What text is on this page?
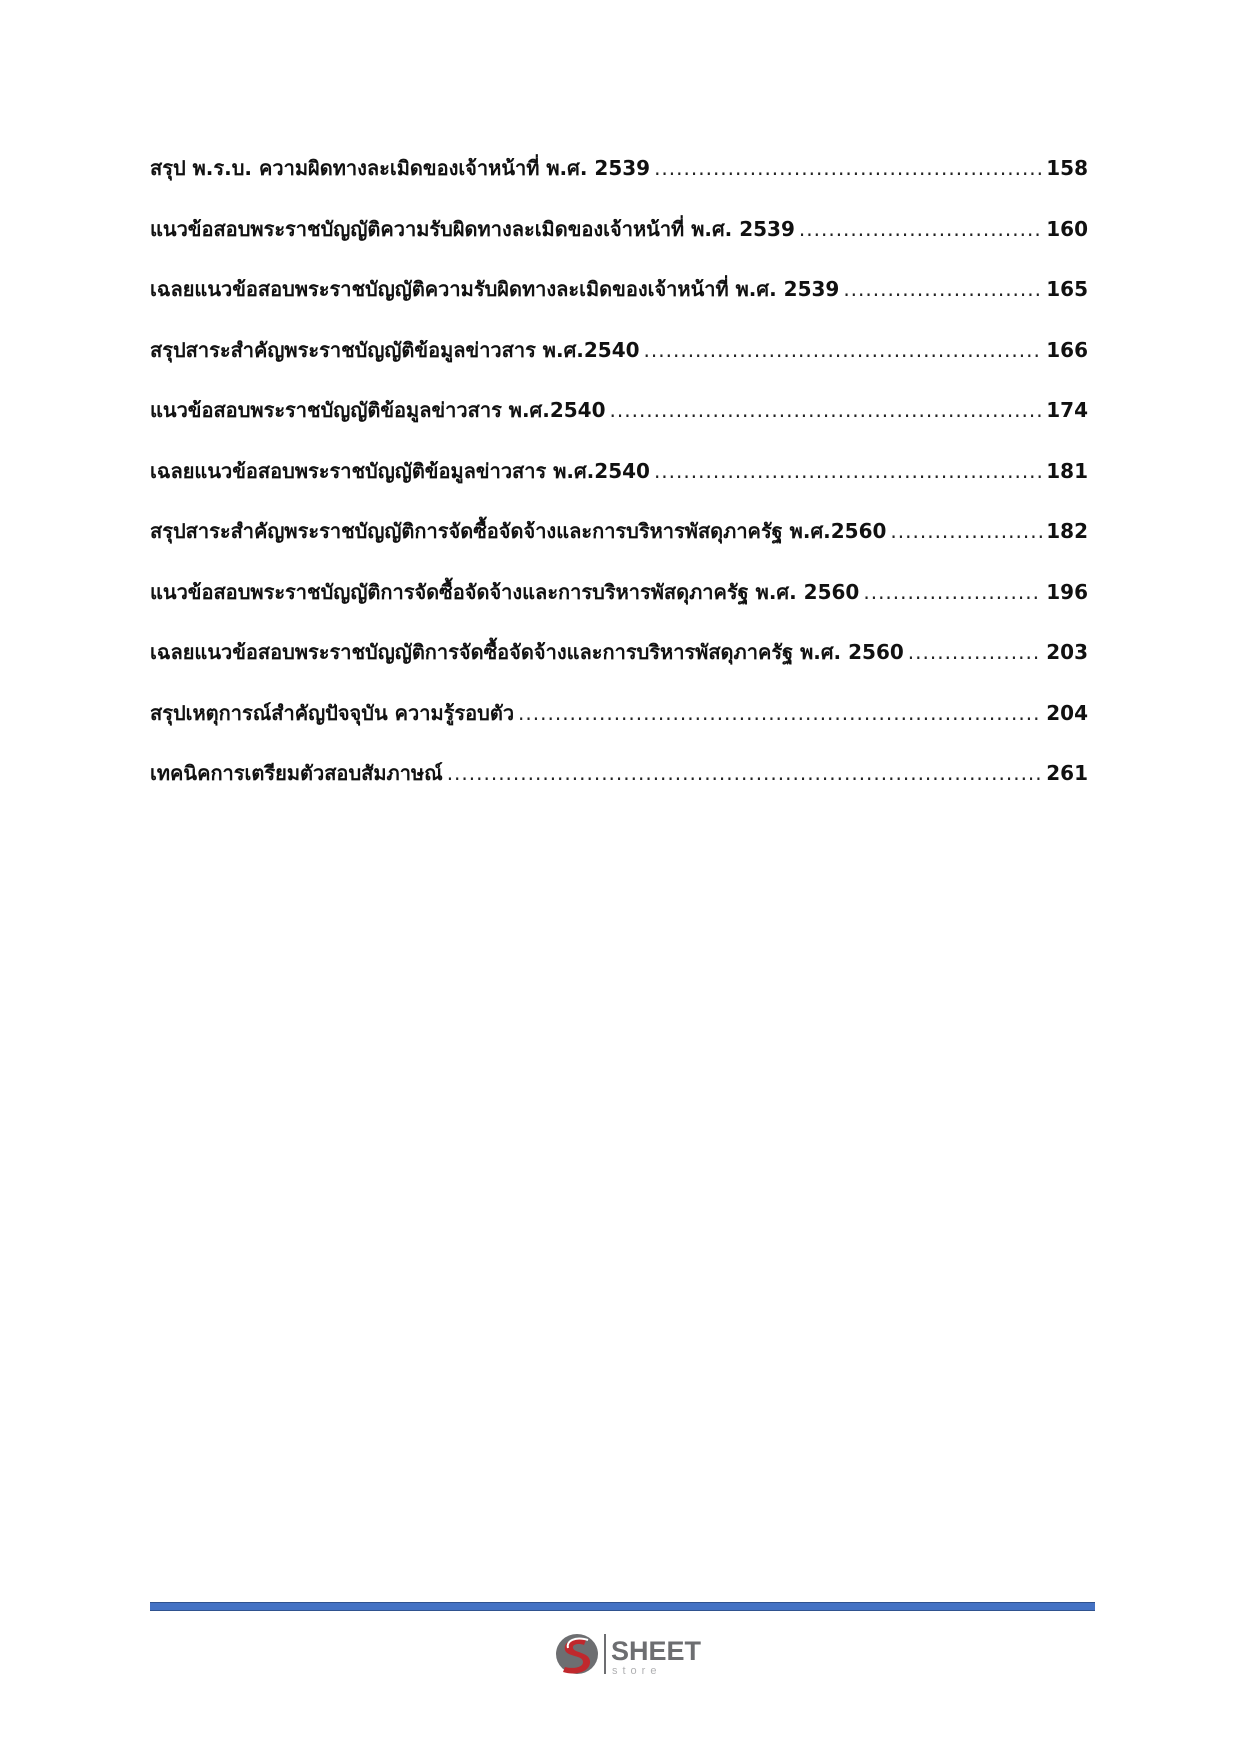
สรุป พ.ร.บ. ความผิดทางละเมิดของเจ้าหน้าที่ พ.ศ. 2539 .....	158
แนวข้อสอบพระราชบัญญัติความรับผิดทางละเมิดของเจ้าหน้าที่ พ.ศ. 2539 .....	160
เฉลยแนวข้อสอบพระราชบัญญัติความรับผิดทางละเมิดของเจ้าหน้าที่ พ.ศ. 2539 .....	165
สรุปสาระสำคัญพระราชบัญญัติข้อมูลข่าวสาร พ.ศ.2540 .....	166
แนวข้อสอบพระราชบัญญัติข้อมูลข่าวสาร พ.ศ.2540 .....	174
เฉลยแนวข้อสอบพระราชบัญญัติข้อมูลข่าวสาร พ.ศ.2540 .....	181
สรุปสาระสำคัญพระราชบัญญัติการจัดซื้อจัดจ้างและการบริหารพัสดุภาครัฐ พ.ศ.2560 .....	182
แนวข้อสอบพระราชบัญญัติการจัดซื้อจัดจ้างและการบริหารพัสดุภาครัฐ พ.ศ. 2560 .....	196
เฉลยแนวข้อสอบพระราชบัญญัติการจัดซื้อจัดจ้างและการบริหารพัสดุภาครัฐ พ.ศ. 2560 .....	203
สรุปเหตุการณ์สำคัญปัจจุบัน ความรู้รอบตัว .....	204
เทคนิคการเตรียมตัวสอบสัมภาษณ์ .....	261
SHEET
store
